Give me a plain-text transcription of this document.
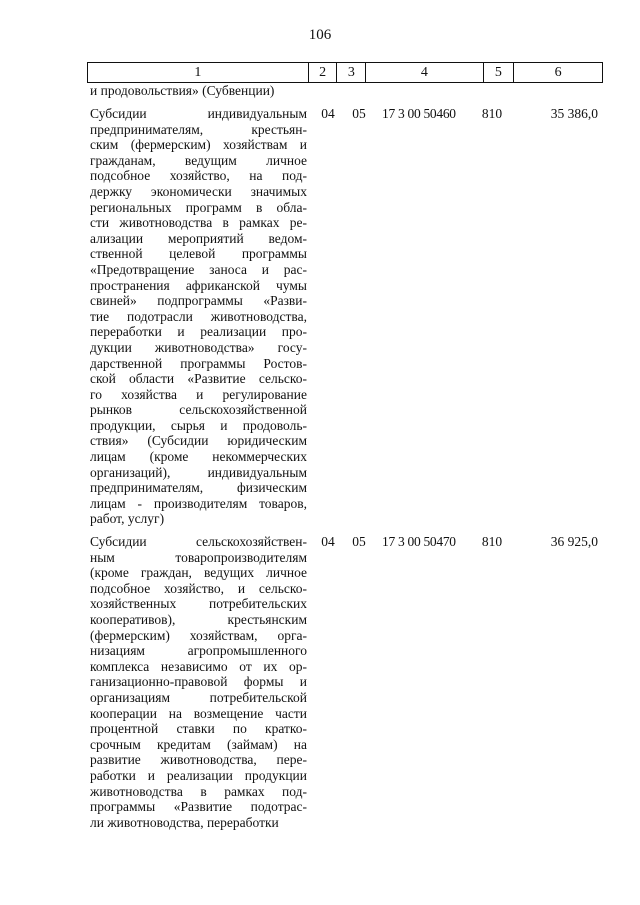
106
1	2	3	4	5	6
и продовольствия» (Субвенции)
Субсидии индивидуальным
предпринимателям, крестьян-
ским (фермерским) хозяйствам и
гражданам, ведущим личное
подсобное хозяйство, на под-
держку экономически значимых
региональных программ в обла-
сти животноводства в рамках ре-
ализации мероприятий ведом-
ственной целевой программы
«Предотвращение заноса и рас-
пространения африканской чумы
свиней» подпрограммы «Разви-
тие подотрасли животноводства,
переработки и реализации про-
дукции животноводства» госу-
дарственной программы Ростов-
ской области «Развитие сельско-
го хозяйства и регулирование
рынков сельскохозяйственной
продукции, сырья и продоволь-
ствия» (Субсидии юридическим
лицам (кроме некоммерческих
организаций), индивидуальным
предпринимателям, физическим
лицам - производителям товаров,
работ, услуг)
04	05	17 3 00 50460	810	35 386,0
Субсидии сельскохозяйствен-
ным товаропроизводителям
(кроме граждан, ведущих личное
подсобное хозяйство, и сельско-
хозяйственных потребительских
кооперативов), крестьянским
(фермерским) хозяйствам, орга-
низациям агропромышленного
комплекса независимо от их ор-
ганизационно-правовой формы и
организациям потребительской
кооперации на возмещение части
процентной ставки по кратко-
срочным кредитам (займам) на
развитие животноводства, пере-
работки и реализации продукции
животноводства в рамках под-
программы «Развитие подотрас-
ли животноводства, переработки
04	05	17 3 00 50470	810	36 925,0
